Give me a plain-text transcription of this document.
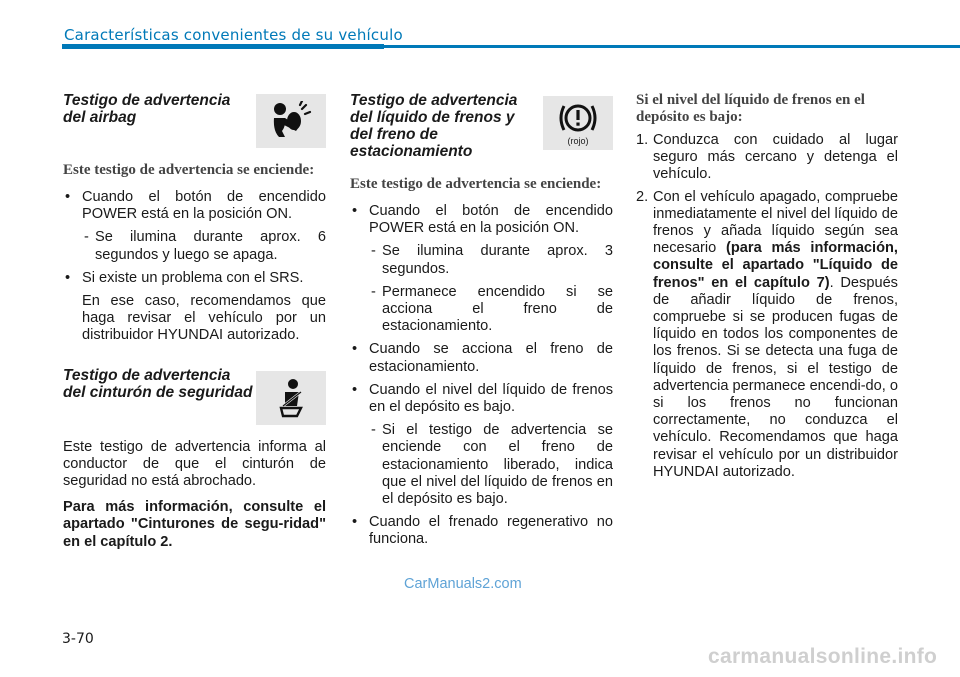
Características convenientes de su vehículo
Testigo de advertencia del airbag
Este testigo de advertencia se enciende:

• Cuando el botón de encendido POWER está en la posición ON.

- Se ilumina durante aprox. 6 segundos y luego se apaga.

• Si existe un problema con el SRS.

En ese caso, recomendamos que haga revisar el vehículo por un distribuidor HYUNDAI autorizado.

Testigo de advertencia del cinturón de seguridad

Este testigo de advertencia informa al conductor de que el cinturón de seguridad no está abrochado.

Para más información, consulte el apartado "Cinturones de segu-ridad" en el capítulo 2.

Testigo de advertencia del líquido de frenos y del freno de estacionamiento
(rojo)
Este testigo de advertencia se enciende:

• Cuando el botón de encendido POWER está en la posición ON.

- Se ilumina durante aprox. 3 segundos.

- Permanece encendido si se acciona el freno de estacionamiento.

• Cuando se acciona el freno de estacionamiento.

• Cuando el nivel del líquido de frenos en el depósito es bajo.

- Si el testigo de advertencia se enciende con el freno de estacionamiento liberado, indica que el nivel del líquido de frenos en el depósito es bajo.

• Cuando el frenado regenerativo no funciona.

Si el nivel del líquido de frenos en el depósito es bajo:

1. Conduzca con cuidado al lugar seguro más cercano y detenga el vehículo.

2. Con el vehículo apagado, compruebe inmediatamente el nivel del líquido de frenos y añada líquido según sea necesario (para más información, consulte el apartado "Líquido de frenos" en el capítulo 7). Después de añadir líquido de frenos, compruebe si se producen fugas de líquido en todos los componentes de los frenos. Si se detecta una fuga de líquido de frenos, si el testigo de advertencia permanece encendi-do, o si los frenos no funcionan correctamente, no conduzca el vehículo. Recomendamos que haga revisar el vehículo por un distribuidor HYUNDAI autorizado.

3-70
CarManuals2.com
carmanualsonline.info
